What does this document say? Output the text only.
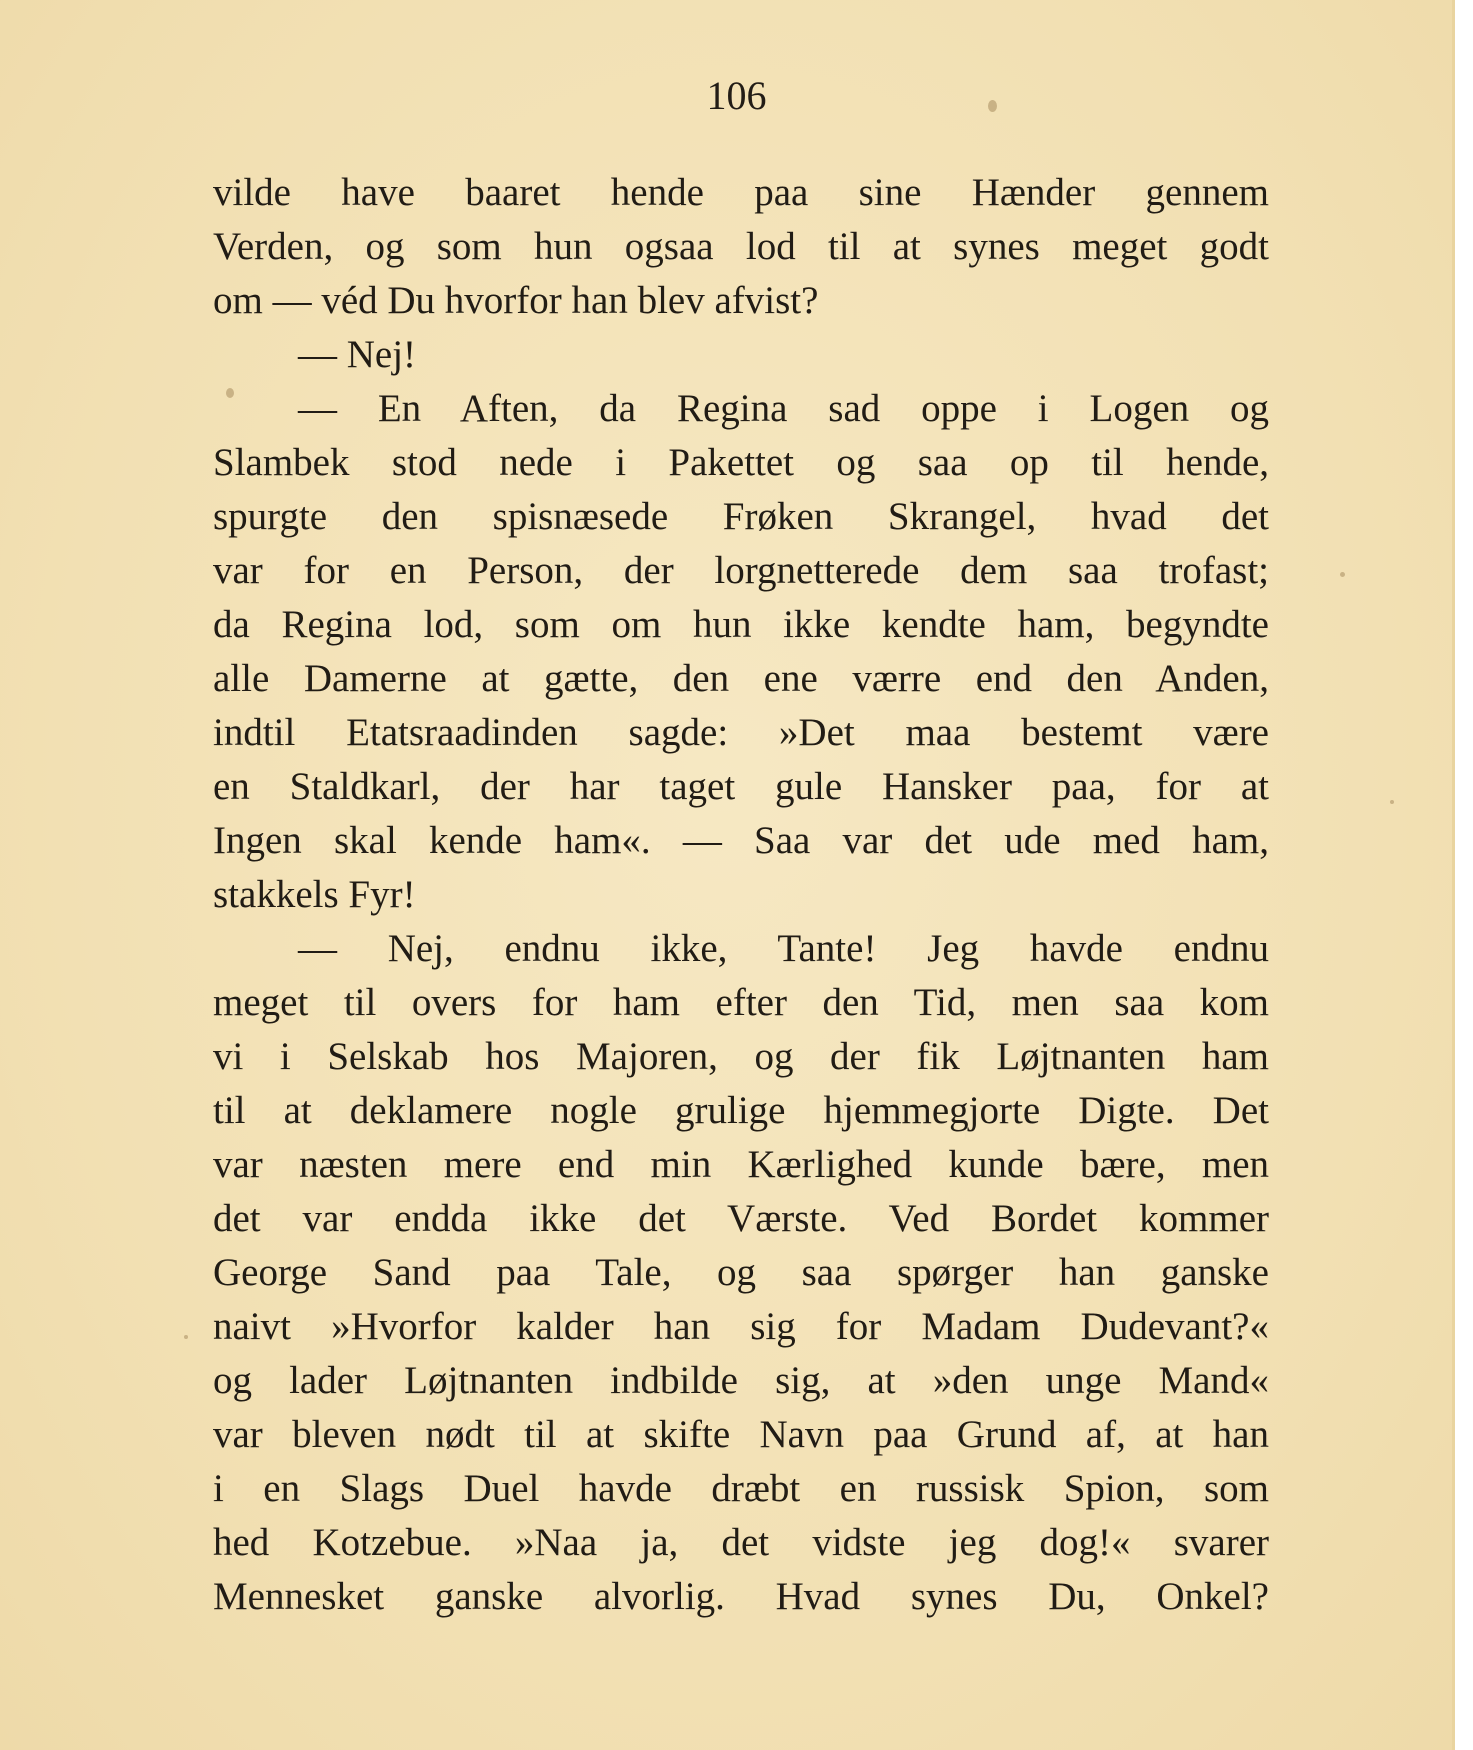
106
vilde have baaret hende paa sine Hænder gennem
Verden, og som hun ogsaa lod til at synes meget godt
om — véd Du hvorfor han blev afvist?
— Nej!
— En Aften, da Regina sad oppe i Logen og
Slambek stod nede i Pakettet og saa op til hende,
spurgte den spisnæsede Frøken Skrangel, hvad det
var for en Person, der lorgnetterede dem saa trofast;
da Regina lod, som om hun ikke kendte ham, begyndte
alle Damerne at gætte, den ene værre end den Anden,
indtil Etatsraadinden sagde: »Det maa bestemt være
en Staldkarl, der har taget gule Hansker paa, for at
Ingen skal kende ham«. — Saa var det ude med ham,
stakkels Fyr!
— Nej, endnu ikke, Tante! Jeg havde endnu
meget til overs for ham efter den Tid, men saa kom
vi i Selskab hos Majoren, og der fik Løjtnanten ham
til at deklamere nogle grulige hjemmegjorte Digte. Det
var næsten mere end min Kærlighed kunde bære, men
det var endda ikke det Værste. Ved Bordet kommer
George Sand paa Tale, og saa spørger han ganske
naivt »Hvorfor kalder han sig for Madam Dudevant?«
og lader Løjtnanten indbilde sig, at »den unge Mand«
var bleven nødt til at skifte Navn paa Grund af, at han
i en Slags Duel havde dræbt en russisk Spion, som
hed Kotzebue. »Naa ja, det vidste jeg dog!« svarer
Mennesket ganske alvorlig. Hvad synes Du, Onkel?
